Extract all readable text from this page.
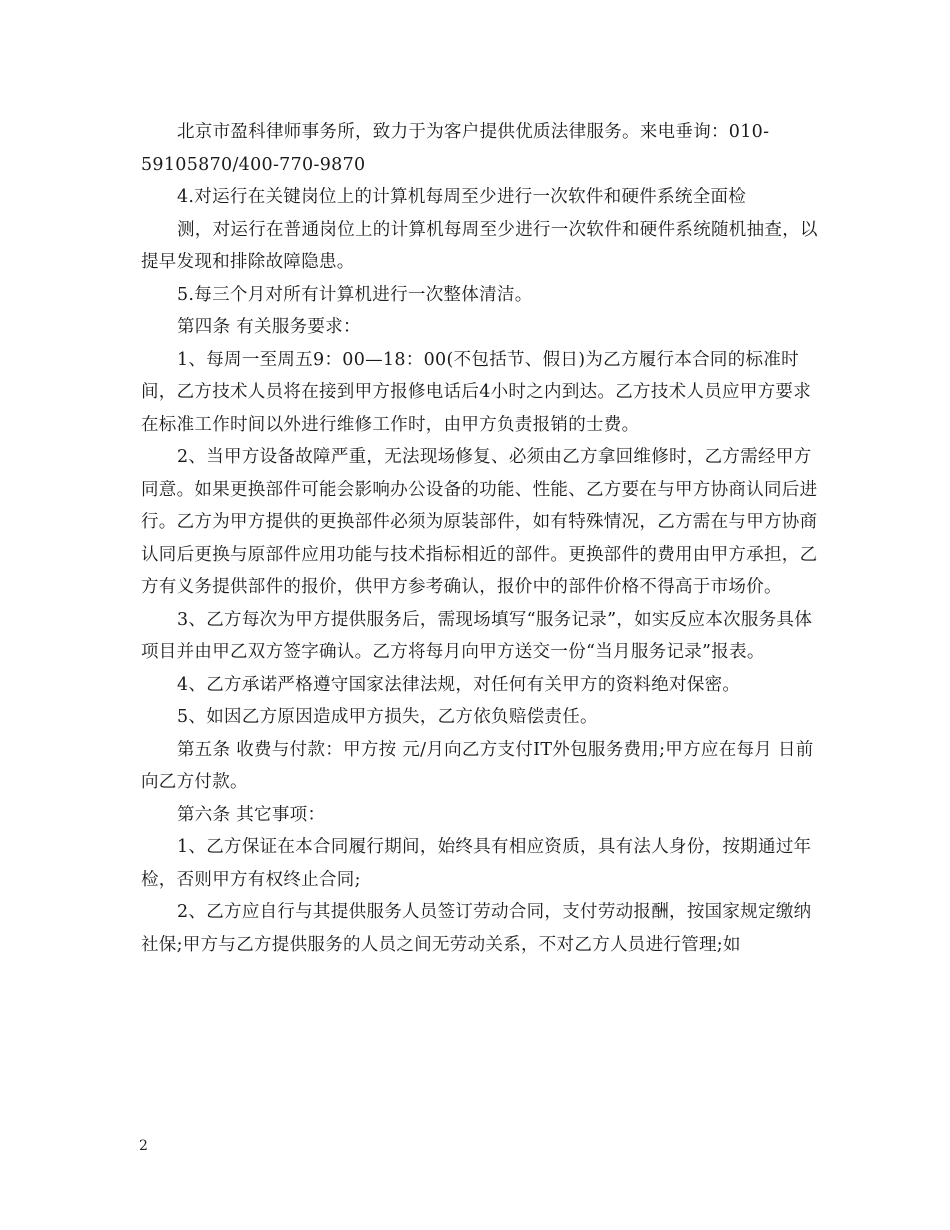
北京市盈科律师事务所，致力于为客户提供优质法律服务。来电垂询：010-59105870/400-770-9870

4.对运行在关键岗位上的计算机每周至少进行一次软件和硬件系统全面检

测，对运行在普通岗位上的计算机每周至少进行一次软件和硬件系统随机抽查，以提早发现和排除故障隐患。

5.每三个月对所有计算机进行一次整体清洁。

第四条 有关服务要求：

1、每周一至周五9：00—18：00(不包括节、假日)为乙方履行本合同的标准时间，乙方技术人员将在接到甲方报修电话后4小时之内到达。乙方技术人员应甲方要求在标准工作时间以外进行维修工作时，由甲方负责报销的士费。

2、当甲方设备故障严重，无法现场修复、必须由乙方拿回维修时，乙方需经甲方同意。如果更换部件可能会影响办公设备的功能、性能、乙方要在与甲方协商认同后进行。乙方为甲方提供的更换部件必须为原装部件，如有特殊情况，乙方需在与甲方协商认同后更换与原部件应用功能与技术指标相近的部件。更换部件的费用由甲方承担，乙方有义务提供部件的报价，供甲方参考确认，报价中的部件价格不得高于市场价。

3、乙方每次为甲方提供服务后，需现场填写“服务记录”，如实反应本次服务具体项目并由甲乙双方签字确认。乙方将每月向甲方送交一份“当月服务记录”报表。

4、乙方承诺严格遵守国家法律法规，对任何有关甲方的资料绝对保密。

5、如因乙方原因造成甲方损失，乙方依负赔偿责任。

第五条 收费与付款：甲方按 元/月向乙方支付IT外包服务费用;甲方应在每月 日前向乙方付款。

第六条 其它事项：

1、乙方保证在本合同履行期间，始终具有相应资质，具有法人身份，按期通过年检，否则甲方有权终止合同;

2、乙方应自行与其提供服务人员签订劳动合同，支付劳动报酬，按国家规定缴纳社保;甲方与乙方提供服务的人员之间无劳动关系，不对乙方人员进行管理;如

2
